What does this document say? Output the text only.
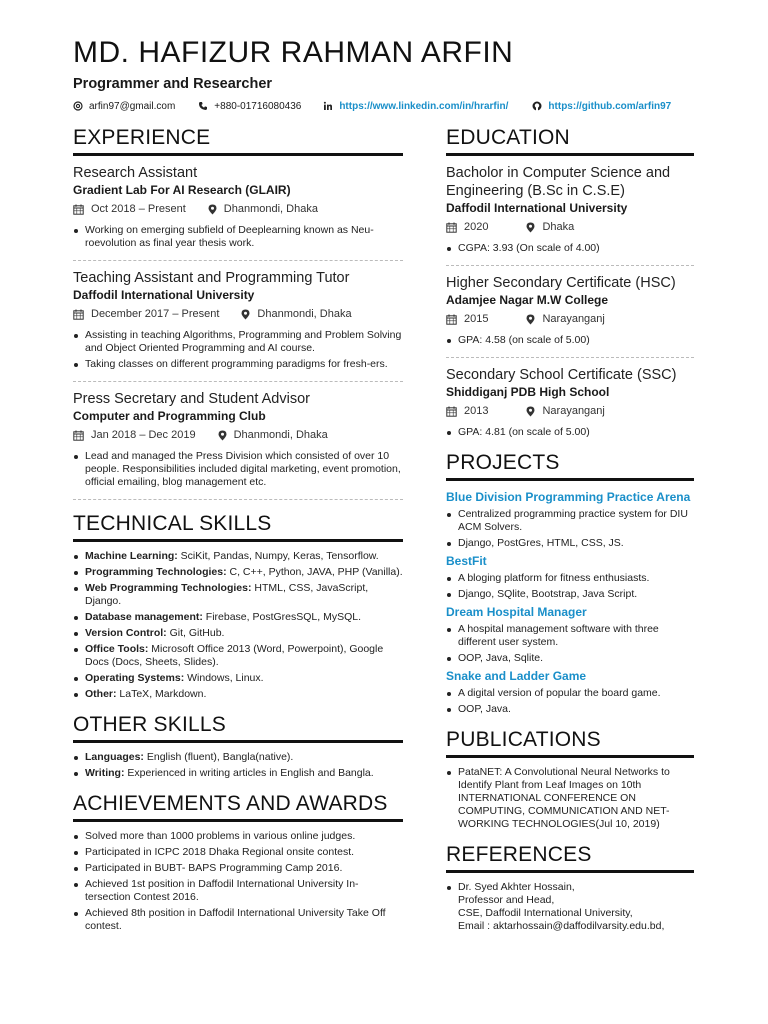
MD. HAFIZUR RAHMAN ARFIN
Programmer and Researcher
arfin97@gmail.com	+880-01716080436	https://www.linkedin.com/in/hrarfin/	https://github.com/arfin97
EXPERIENCE
Research Assistant
Gradient Lab For AI Research (GLAIR)
Oct 2018 – Present	Dhanmondi, Dhaka
Working on emerging subfield of Deeplearning known as Neu-roevolution as final year thesis work.
Teaching Assistant and Programming Tutor
Daffodil International University
December 2017 – Present	Dhanmondi, Dhaka
Assisting in teaching Algorithms, Programming and Problem Solving and Object Oriented Programming and AI course.
Taking classes on different programming paradigms for fresh-ers.
Press Secretary and Student Advisor
Computer and Programming Club
Jan 2018 – Dec 2019	Dhanmondi, Dhaka
Lead and managed the Press Division which consisted of over 10 people. Responsibilities included digital marketing, event promotion, official emailing, blog management etc.
TECHNICAL SKILLS
Machine Learning: SciKit, Pandas, Numpy, Keras, Tensorflow.
Programming Technologies: C, C++, Python, JAVA, PHP (Vanilla).
Web Programming Technologies: HTML, CSS, JavaScript, Django.
Database management: Firebase, PostGresSQL, MySQL.
Version Control: Git, GitHub.
Office Tools: Microsoft Office 2013 (Word, Powerpoint), Google Docs (Docs, Sheets, Slides).
Operating Systems: Windows, Linux.
Other: LaTeX, Markdown.
OTHER SKILLS
Languages: English (fluent), Bangla(native).
Writing: Experienced in writing articles in English and Bangla.
ACHIEVEMENTS AND AWARDS
Solved more than 1000 problems in various online judges.
Participated in ICPC 2018 Dhaka Regional onsite contest.
Participated in BUBT- BAPS Programming Camp 2016.
Achieved 1st position in Daffodil International University In-tersection Contest 2016.
Achieved 8th position in Daffodil International University Take Off contest.
EDUCATION
Bacholor in Computer Science and Engineering (B.Sc in C.S.E)
Daffodil International University
2020	Dhaka
CGPA: 3.93 (On scale of 4.00)
Higher Secondary Certificate (HSC)
Adamjee Nagar M.W College
2015	Narayanganj
GPA: 4.58 (on scale of 5.00)
Secondary School Certificate (SSC)
Shiddiganj PDB High School
2013	Narayanganj
GPA: 4.81 (on scale of 5.00)
PROJECTS
Blue Division Programming Practice Arena
Centralized programming practice system for DIU ACM Solvers.
Django, PostGres, HTML, CSS, JS.
BestFit
A bloging platform for fitness enthusiasts.
Django, SQlite, Bootstrap, Java Script.
Dream Hospital Manager
A hospital management software with three different user system.
OOP, Java, Sqlite.
Snake and Ladder Game
A digital version of popular the board game.
OOP, Java.
PUBLICATIONS
PataNET: A Convolutional Neural Networks to Identify Plant from Leaf Images on 10th INTERNATIONAL CONFERENCE ON COMPUTING, COMMUNICATION AND NET-WORKING TECHNOLOGIES(Jul 10, 2019)
REFERENCES
Dr. Syed Akhter Hossain,
Professor and Head,
CSE, Daffodil International University,
Email : aktarhossain@daffodilvarsity.edu.bd,
